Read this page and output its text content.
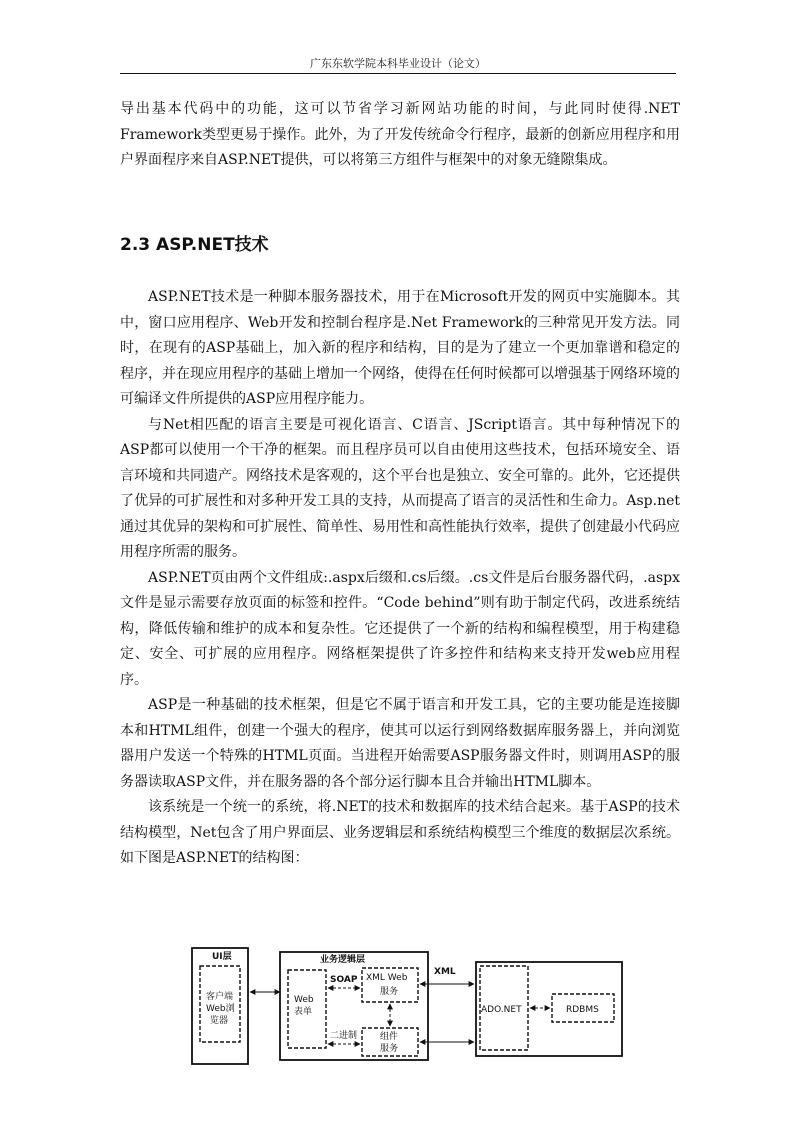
广东东软学院本科毕业设计（论文）

导出基本代码中的功能，这可以节省学习新网站功能的时间，与此同时使得.NET Framework类型更易于操作。此外，为了开发传统命令行程序，最新的创新应用程序和用户界面程序来自ASP.NET提供，可以将第三方组件与框架中的对象无缝隙集成。

2.3 ASP.NET技术

ASP.NET技术是一种脚本服务器技术，用于在Microsoft开发的网页中实施脚本。其中，窗口应用程序、Web开发和控制台程序是.Net Framework的三种常见开发方法。同时，在现有的ASP基础上，加入新的程序和结构，目的是为了建立一个更加靠谱和稳定的程序，并在现应用程序的基础上增加一个网络，使得在任何时候都可以增强基于网络环境的可编译文件所提供的ASP应用程序能力。

与Net相匹配的语言主要是可视化语言、C语言、JScript语言。其中每种情况下的ASP都可以使用一个干净的框架。而且程序员可以自由使用这些技术，包括环境安全、语言环境和共同遗产。网络技术是客观的，这个平台也是独立、安全可靠的。此外，它还提供了优异的可扩展性和对多种开发工具的支持，从而提高了语言的灵活性和生命力。Asp.net通过其优异的架构和可扩展性、简单性、易用性和高性能执行效率，提供了创建最小代码应用程序所需的服务。

ASP.NET页由两个文件组成:.aspx后缀和.cs后缀。.cs文件是后台服务器代码，.aspx文件是显示需要存放页面的标签和控件。“Code behind”则有助于制定代码，改进系统结构，降低传输和维护的成本和复杂性。它还提供了一个新的结构和编程模型，用于构建稳定、安全、可扩展的应用程序。网络框架提供了许多控件和结构来支持开发web应用程序。

ASP是一种基础的技术框架，但是它不属于语言和开发工具，它的主要功能是连接脚本和HTML组件，创建一个强大的程序，使其可以运行到网络数据库服务器上，并向浏览器用户发送一个特殊的HTML页面。当进程开始需要ASP服务器文件时，则调用ASP的服务器读取ASP文件，并在服务器的各个部分运行脚本且合并输出HTML脚本。

该系统是一个统一的系统，将.NET的技术和数据库的技术结合起来。基于ASP的技术结构模型，Net包含了用户界面层、业务逻辑层和系统结构模型三个维度的数据层次系统。如下图是ASP.NET的结构图：

UI层
客户端
Web浏
览器
业务逻辑层
Web
表单
SOAP XML Web
服务
二进制	组件
服务
XML
ADO.NET	RDBMS
